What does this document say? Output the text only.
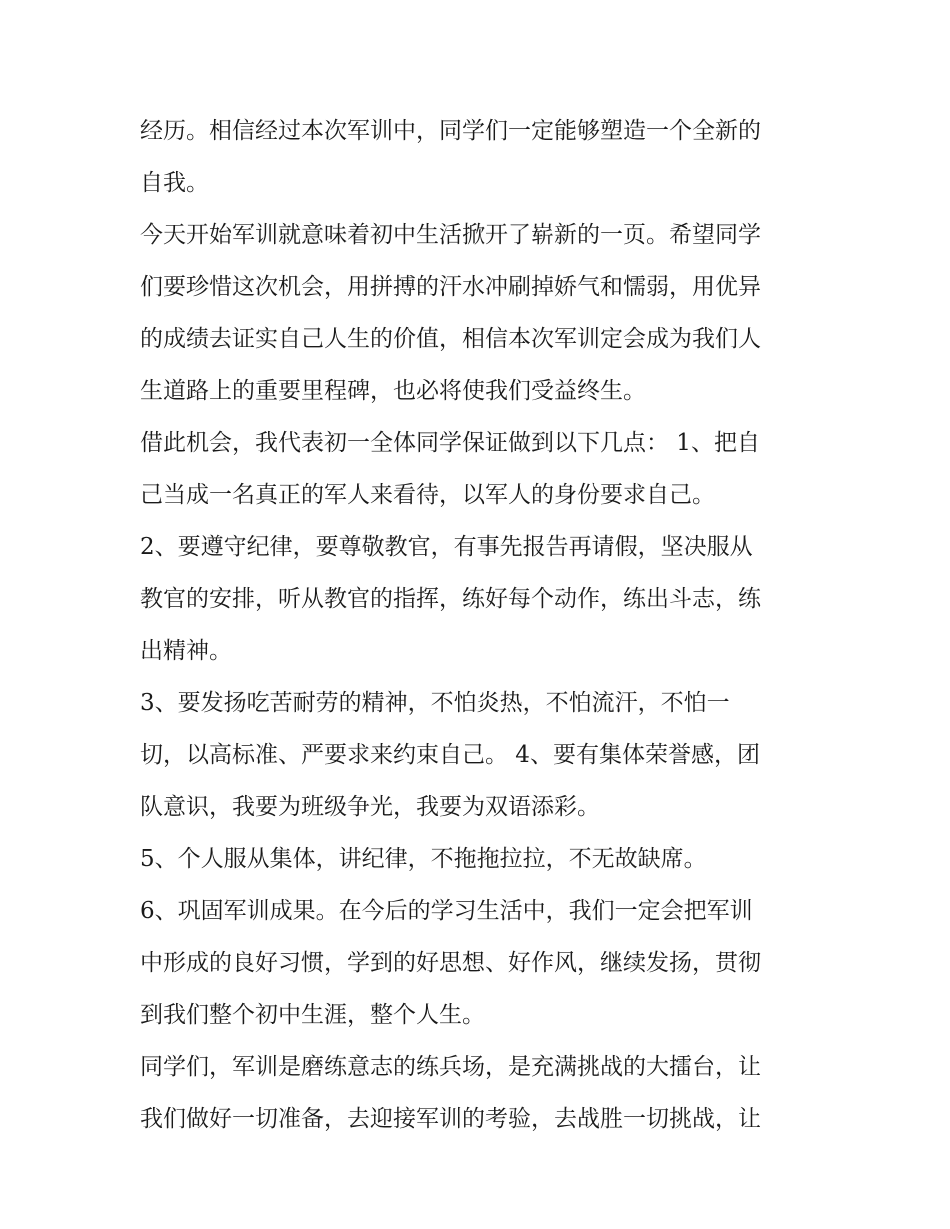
经历。相信经过本次军训中，同学们一定能够塑造一个全新的
自我。
今天开始军训就意味着初中生活掀开了崭新的一页。希望同学
们要珍惜这次机会，用拼搏的汗水冲刷掉娇气和懦弱，用优异
的成绩去证实自己人生的价值，相信本次军训定会成为我们人
生道路上的重要里程碑，也必将使我们受益终生。
借此机会，我代表初一全体同学保证做到以下几点： 1、把自
己当成一名真正的军人来看待，以军人的身份要求自己。
2、要遵守纪律，要尊敬教官，有事先报告再请假，坚决服从
教官的安排，听从教官的指挥，练好每个动作，练出斗志，练
出精神。
3、要发扬吃苦耐劳的精神，不怕炎热，不怕流汗，不怕一
切，以高标准、严要求来约束自己。 4、要有集体荣誉感，团
队意识，我要为班级争光，我要为双语添彩。
5、个人服从集体，讲纪律，不拖拖拉拉，不无故缺席。
6、巩固军训成果。在今后的学习生活中，我们一定会把军训
中形成的良好习惯，学到的好思想、好作风，继续发扬，贯彻
到我们整个初中生涯，整个人生。
同学们，军训是磨练意志的练兵场，是充满挑战的大擂台，让
我们做好一切准备，去迎接军训的考验，去战胜一切挑战，让
